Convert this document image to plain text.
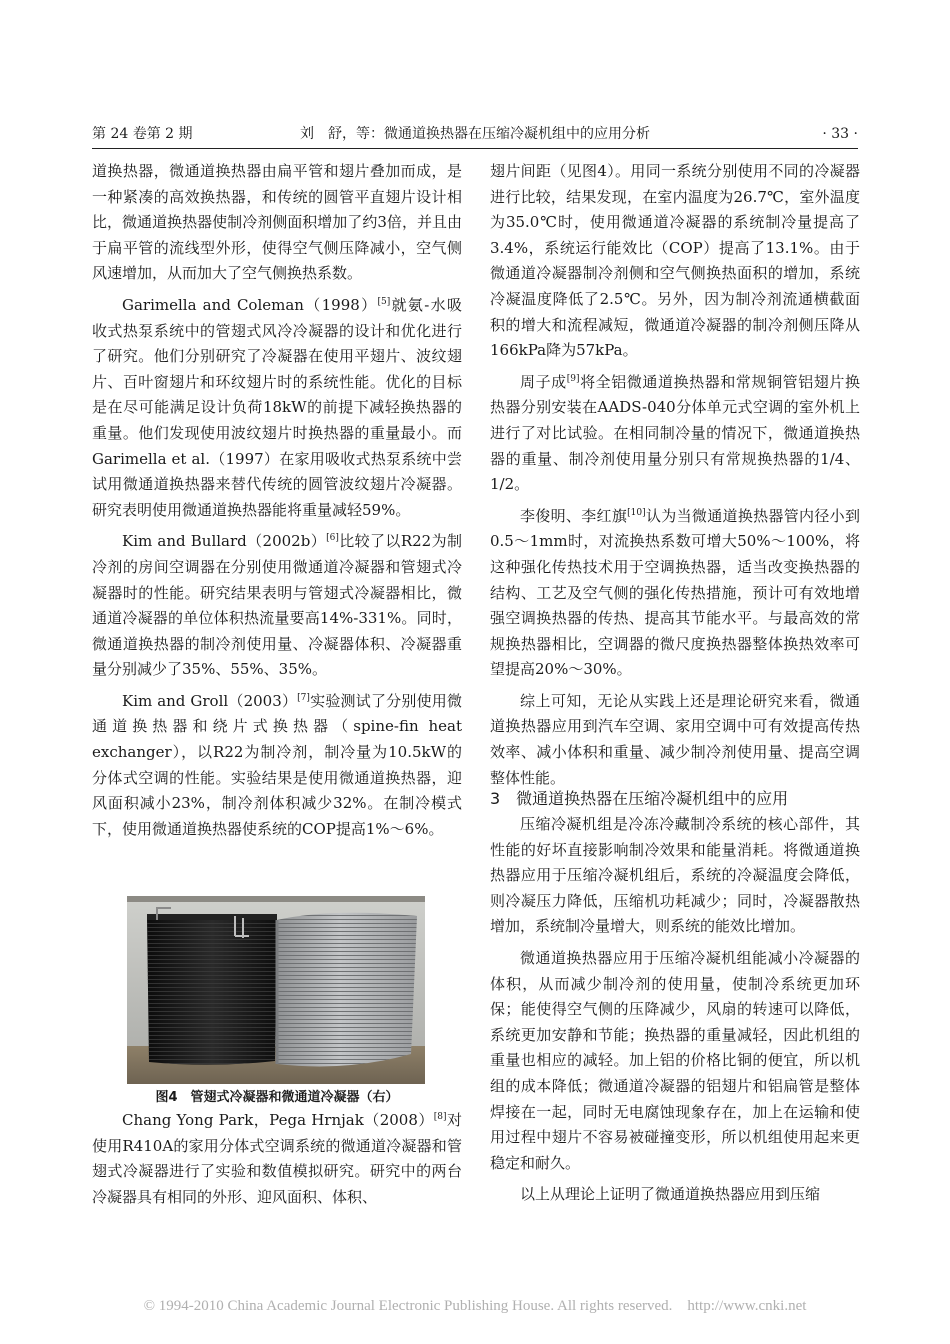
第 24 卷第 2 期	刘　舒，等：微通道换热器在压缩冷凝机组中的应用分析	· 33 ·

道换热器，微通道换热器由扁平管和翅片叠加而成，是一种紧凑的高效换热器，和传统的圆管平直翅片设计相比，微通道换热器使制冷剂侧面积增加了约3倍，并且由于扁平管的流线型外形，使得空气侧压降减小，空气侧风速增加，从而加大了空气侧换热系数。

Garimella and Coleman（1998）[5]就氨-水吸收式热泵系统中的管翅式风冷冷凝器的设计和优化进行了研究。他们分别研究了冷凝器在使用平翅片、波纹翅片、百叶窗翅片和环纹翅片时的系统性能。优化的目标是在尽可能满足设计负荷18kW的前提下减轻换热器的重量。他们发现使用波纹翅片时换热器的重量最小。而Garimella et al.（1997）在家用吸收式热泵系统中尝试用微通道换热器来替代传统的圆管波纹翅片冷凝器。研究表明使用微通道换热器能将重量减轻59%。

Kim and Bullard（2002b）[6]比较了以R22为制冷剂的房间空调器在分别使用微通道冷凝器和管翅式冷凝器时的性能。研究结果表明与管翅式冷凝器相比，微通道冷凝器的单位体积热流量要高14%-331%。同时，微通道换热器的制冷剂使用量、冷凝器体积、冷凝器重量分别减少了35%、55%、35%。

Kim and Groll（2003）[7]实验测试了分别使用微通道换热器和绕片式换热器（spine-fin heat exchanger），以R22为制冷剂，制冷量为10.5kW的分体式空调的性能。实验结果是使用微通道换热器，迎风面积减小23%，制冷剂体积减少32%。在制冷模式下，使用微通道换热器使系统的COP提高1%～6%。

图4　管翅式冷凝器和微通道冷凝器（右）

Chang Yong Park，Pega Hrnjak（2008）[8]对使用R410A的家用分体式空调系统的微通道冷凝器和管翅式冷凝器进行了实验和数值模拟研究。研究中的两台冷凝器具有相同的外形、迎风面积、体积、

翅片间距（见图4）。用同一系统分别使用不同的冷凝器进行比较，结果发现，在室内温度为26.7℃，室外温度为35.0℃时，使用微通道冷凝器的系统制冷量提高了3.4%，系统运行能效比（COP）提高了13.1%。由于微通道冷凝器制冷剂侧和空气侧换热面积的增加，系统冷凝温度降低了2.5℃。另外，因为制冷剂流通横截面积的增大和流程减短，微通道冷凝器的制冷剂侧压降从166kPa降为57kPa。

周子成[9]将全铝微通道换热器和常规铜管铝翅片换热器分别安装在AADS-040分体单元式空调的室外机上进行了对比试验。在相同制冷量的情况下，微通道换热器的重量、制冷剂使用量分别只有常规换热器的1/4、1/2。

李俊明、李红旗[10]认为当微通道换热器管内径小到0.5～1mm时，对流换热系数可增大50%～100%，将这种强化传热技术用于空调换热器，适当改变换热器的结构、工艺及空气侧的强化传热措施，预计可有效地增强空调换热器的传热、提高其节能水平。与最高效的常规换热器相比，空调器的微尺度换热器整体换热效率可望提高20%～30%。

综上可知，无论从实践上还是理论研究来看，微通道换热器应用到汽车空调、家用空调中可有效提高传热效率、减小体积和重量、减少制冷剂使用量、提高空调整体性能。

3　微通道换热器在压缩冷凝机组中的应用

压缩冷凝机组是冷冻冷藏制冷系统的核心部件，其性能的好坏直接影响制冷效果和能量消耗。将微通道换热器应用于压缩冷凝机组后，系统的冷凝温度会降低，则冷凝压力降低，压缩机功耗减少；同时，冷凝器散热增加，系统制冷量增大，则系统的能效比增加。

微通道换热器应用于压缩冷凝机组能减小冷凝器的体积，从而减少制冷剂的使用量，使制冷系统更加环保；能使得空气侧的压降减少，风扇的转速可以降低，系统更加安静和节能；换热器的重量减轻，因此机组的重量也相应的减轻。加上铝的价格比铜的便宜，所以机组的成本降低；微通道冷凝器的铝翅片和铝扁管是整体焊接在一起，同时无电腐蚀现象存在，加上在运输和使用过程中翅片不容易被碰撞变形，所以机组使用起来更稳定和耐久。

以上从理论上证明了微通道换热器应用到压缩

© 1994-2010 China Academic Journal Electronic Publishing House. All rights reserved.　http://www.cnki.net
